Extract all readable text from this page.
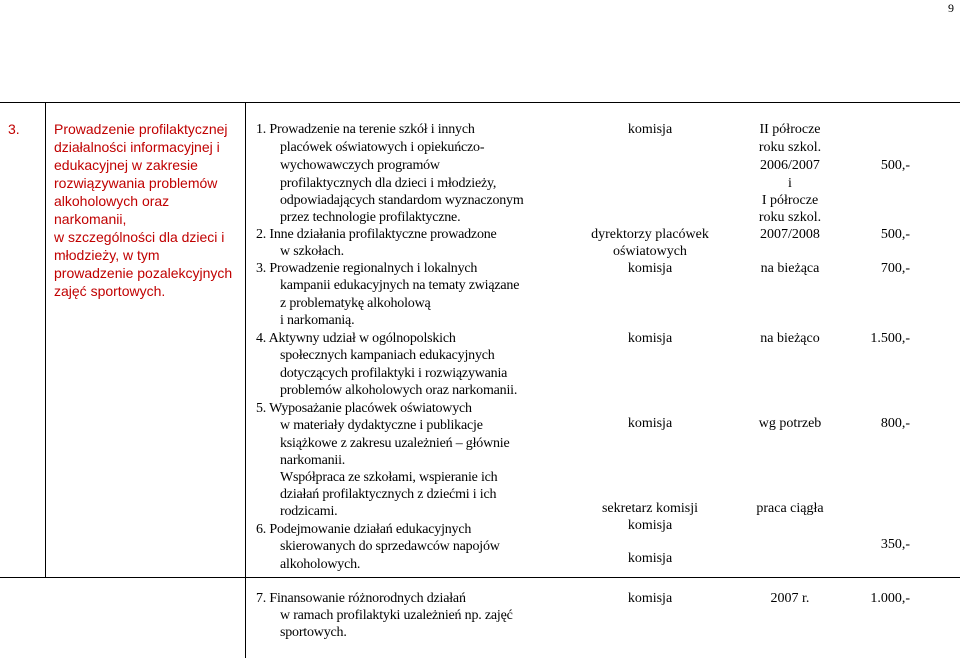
9
3. Prowadzenie profilaktycznej
działalności informacyjnej i
edukacyjnej w zakresie
rozwiązywania problemów
alkoholowych oraz
narkomanii,
w szczególności dla dzieci i
młodzieży, w tym
prowadzenie pozalekcyjnych
zajęć sportowych.
1. Prowadzenie na terenie szkół i innych
placówek oświatowych i opiekuńczo-
wychowawczych programów
profilaktycznych dla dzieci i młodzieży,
odpowiadających standardom wyznaczonym
przez technologie profilaktyczne.
2. Inne działania profilaktyczne prowadzone
w szkołach.
3. Prowadzenie regionalnych i lokalnych
kampanii edukacyjnych na tematy związane
z problematykę alkoholową
i narkomanią.
4. Aktywny udział w ogólnopolskich
społecznych kampaniach edukacyjnych
dotyczących profilaktyki i rozwiązywania
problemów alkoholowych oraz narkomanii.
5. Wyposażanie placówek oświatowych
w materiały dydaktyczne i publikacje
książkowe z zakresu uzależnień – głównie
narkomanii.
Współpraca ze szkołami, wspieranie ich
działań profilaktycznych z dziećmi i ich
rodzicami.
6. Podejmowanie działań edukacyjnych
skierowanych do sprzedawców napojów
alkoholowych.
komisja
dyrektorzy placówek
oświatowych
komisja
komisja
komisja
sekretarz komisji
komisja
komisja
II półrocze
roku szkol.
2006/2007
i
I półrocze
roku szkol.
2007/2008
na bieżąca
na bieżąco
wg potrzeb
praca ciągła
500,-
500,-
700,-
1.500,-
800,-
350,-
7. Finansowanie różnorodnych działań
w ramach profilaktyki uzależnień np. zajęć
sportowych.
komisja	2007 r.	1.000,-
